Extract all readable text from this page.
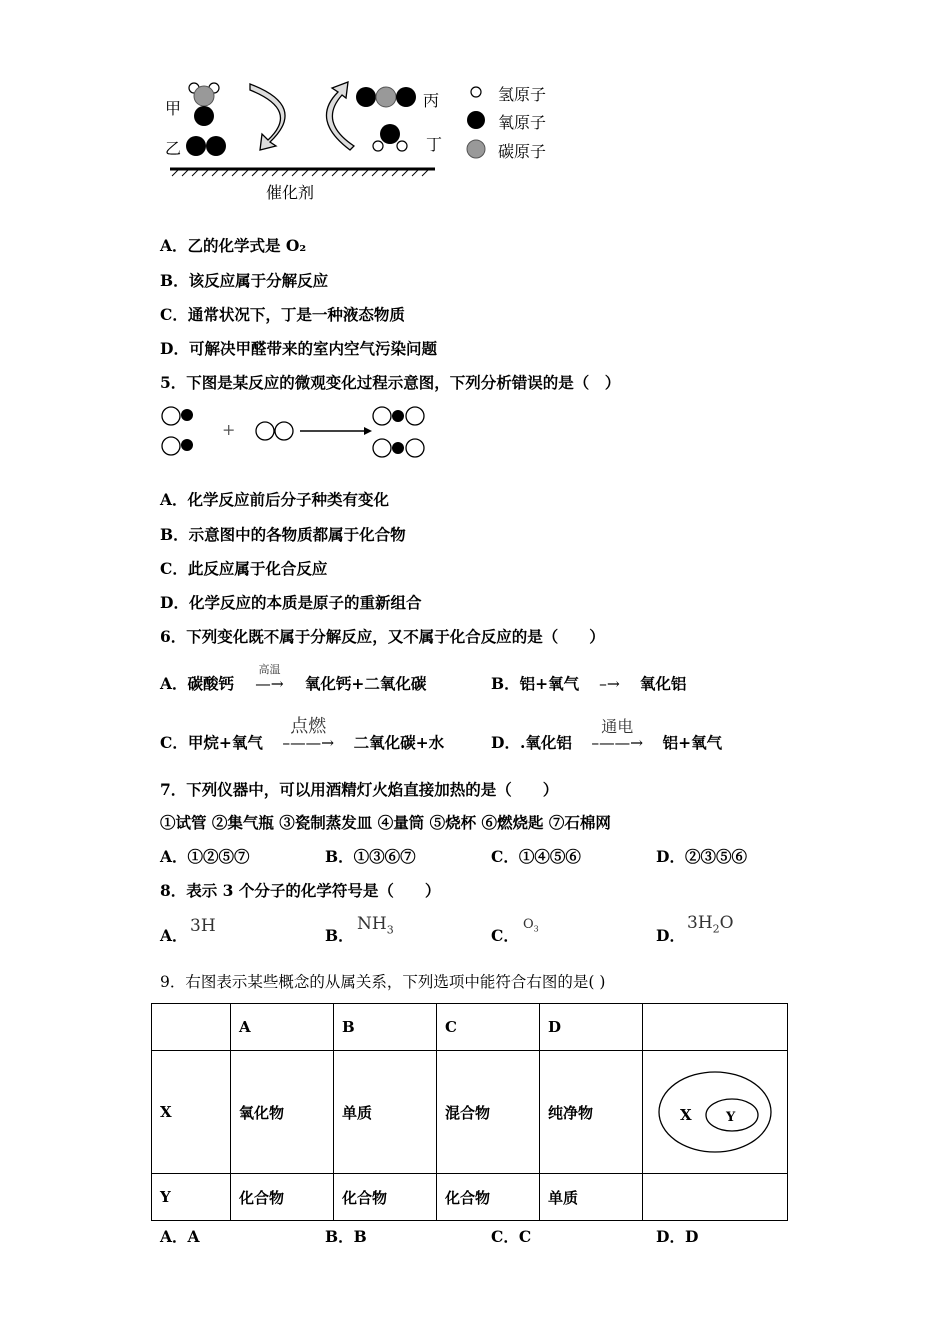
甲
乙
丙
丁
催化剂
氢原子
氧原子
碳原子
A．乙的化学式是 O₂
B．该反应属于分解反应
C．通常状况下，丁是一种液态物质
D．可解决甲醛带来的室内空气污染问题
5．下图是某反应的微观变化过程示意图，下列分析错误的是（　）
+
A．化学反应前后分子种类有变化
B．示意图中的各物质都属于化合物
C．此反应属于化合反应
D．化学反应的本质是原子的重新组合
6．下列变化既不属于分解反应，又不属于化合反应的是（　　）
A．碳酸钙
高温
—→ 氧化钙+二氧化碳	B．铝+氧气 –→ 氧化铝
C．甲烷+氧气
点燃
–——→ 二氧化碳+水	D．.氧化铝
通电
–——→ 铝+氧气
7．下列仪器中，可以用酒精灯火焰直接加热的是（　　）
①试管 ②集气瓶 ③瓷制蒸发皿 ④量筒 ⑤烧杯 ⑥燃烧匙 ⑦石棉网
A．①②⑤⑦	B．①③⑥⑦	C．①④⑤⑥	D．②③⑤⑥
8．表示 3 个分子的化学符号是（　　）
A． 3H	B．
$NH_3$	C．
$O_3$	D．
$3H_2O$
9．右图表示某些概念的从属关系，下列选项中能符合右图的是( )
	A	B	C	D	
X	氧化物	单质	混合物	纯净物	X Y

Y	化合物	化合物	化合物	单质	
A．A	B．B	C．C	D．D
